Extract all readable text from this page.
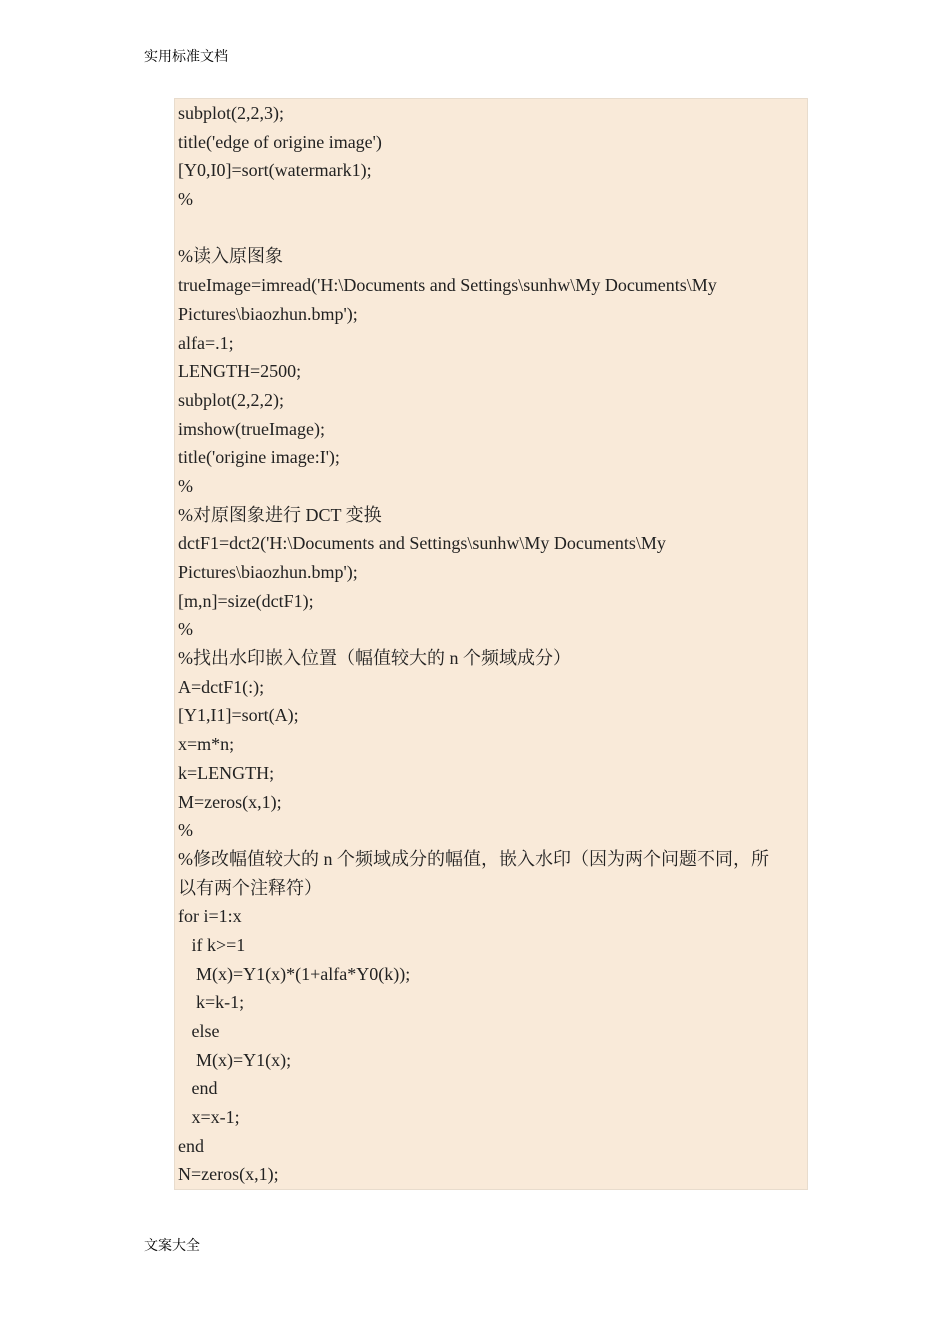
实用标准文档

subplot(2,2,3);

title('edge of origine image')

[Y0,I0]=sort(watermark1);

%

%读入原图象

trueImage=imread('H:\Documents and Settings\sunhw\My Documents\My

Pictures\biaozhun.bmp');

alfa=.1;

LENGTH=2500;

subplot(2,2,2);

imshow(trueImage);

title('origine image:I');

%

%对原图象进行 DCT 变换

dctF1=dct2('H:\Documents and Settings\sunhw\My Documents\My

Pictures\biaozhun.bmp');

[m,n]=size(dctF1);

%

%找出水印嵌入位置（幅值较大的 n 个频域成分）

A=dctF1(:);

[Y1,I1]=sort(A);

x=m*n;

k=LENGTH;

M=zeros(x,1);

%

%修改幅值较大的 n 个频域成分的幅值，嵌入水印（因为两个问题不同，所

以有两个注释符）

for i=1:x

if k>=1

M(x)=Y1(x)*(1+alfa*Y0(k));

k=k-1;

else

M(x)=Y1(x);

end

x=x-1;

end

N=zeros(x,1);

文案大全
